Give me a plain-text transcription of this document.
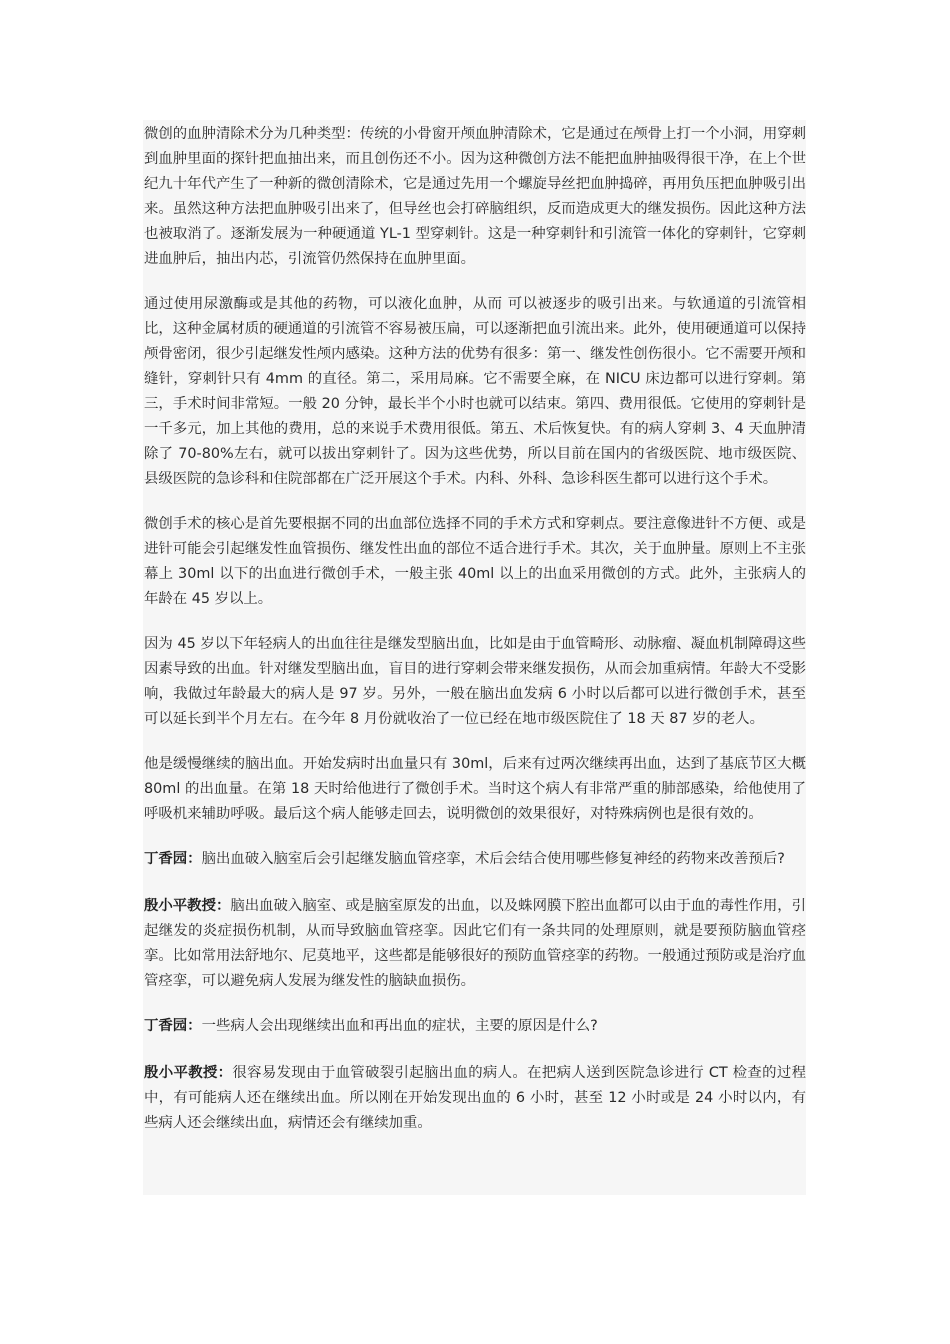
微创的血肿清除术分为几种类型：传统的小骨窗开颅血肿清除术，它是通过在颅骨上打一个小洞，用穿刺到血肿里面的探针把血抽出来，而且创伤还不小。因为这种微创方法不能把血肿抽吸得很干净，在上个世纪九十年代产生了一种新的微创清除术，它是通过先用一个螺旋导丝把血肿捣碎，再用负压把血肿吸引出来。虽然这种方法把血肿吸引出来了，但导丝也会打碎脑组织，反而造成更大的继发损伤。因此这种方法也被取消了。逐渐发展为一种硬通道 YL-1 型穿刺针。这是一种穿刺针和引流管一体化的穿刺针，它穿刺进血肿后，抽出内芯，引流管仍然保持在血肿里面。

通过使用尿激酶或是其他的药物，可以液化血肿，从而 可以被逐步的吸引出来。与软通道的引流管相比，这种金属材质的硬通道的引流管不容易被压扁，可以逐渐把血引流出来。此外，使用硬通道可以保持颅骨密闭，很少引起继发性颅内感染。这种方法的优势有很多：第一、继发性创伤很小。它不需要开颅和缝针，穿刺针只有 4mm 的直径。第二，采用局麻。它不需要全麻，在 NICU 床边都可以进行穿刺。第三，手术时间非常短。一般 20 分钟，最长半个小时也就可以结束。第四、费用很低。它使用的穿刺针是一千多元，加上其他的费用，总的来说手术费用很低。第五、术后恢复快。有的病人穿刺 3、4 天血肿清除了 70-80%左右，就可以拔出穿刺针了。因为这些优势，所以目前在国内的省级医院、地市级医院、县级医院的急诊科和住院部都在广泛开展这个手术。内科、外科、急诊科医生都可以进行这个手术。

微创手术的核心是首先要根据不同的出血部位选择不同的手术方式和穿刺点。要注意像进针不方便、或是进针可能会引起继发性血管损伤、继发性出血的部位不适合进行手术。其次，关于血肿量。原则上不主张幕上 30ml 以下的出血进行微创手术，一般主张 40ml 以上的出血采用微创的方式。此外，主张病人的年龄在 45 岁以上。

因为 45 岁以下年轻病人的出血往往是继发型脑出血，比如是由于血管畸形、动脉瘤、凝血机制障碍这些因素导致的出血。针对继发型脑出血，盲目的进行穿刺会带来继发损伤，从而会加重病情。年龄大不受影响，我做过年龄最大的病人是 97 岁。另外，一般在脑出血发病 6 小时以后都可以进行微创手术，甚至可以延长到半个月左右。在今年 8 月份就收治了一位已经在地市级医院住了 18 天 87 岁的老人。

他是缓慢继续的脑出血。开始发病时出血量只有 30ml，后来有过两次继续再出血，达到了基底节区大概 80ml 的出血量。在第 18 天时给他进行了微创手术。当时这个病人有非常严重的肺部感染，给他使用了呼吸机来辅助呼吸。最后这个病人能够走回去，说明微创的效果很好，对特殊病例也是很有效的。

丁香园：脑出血破入脑室后会引起继发脑血管痉挛，术后会结合使用哪些修复神经的药物来改善预后?

殷小平教授：脑出血破入脑室、或是脑室原发的出血，以及蛛网膜下腔出血都可以由于血的毒性作用，引起继发的炎症损伤机制，从而导致脑血管痉挛。因此它们有一条共同的处理原则，就是要预防脑血管痉挛。比如常用法舒地尔、尼莫地平，这些都是能够很好的预防血管痉挛的药物。一般通过预防或是治疗血管痉挛，可以避免病人发展为继发性的脑缺血损伤。

丁香园：一些病人会出现继续出血和再出血的症状，主要的原因是什么?

殷小平教授：很容易发现由于血管破裂引起脑出血的病人。在把病人送到医院急诊进行 CT 检查的过程中，有可能病人还在继续出血。所以刚在开始发现出血的 6 小时，甚至 12 小时或是 24 小时以内，有些病人还会继续出血，病情还会有继续加重。
